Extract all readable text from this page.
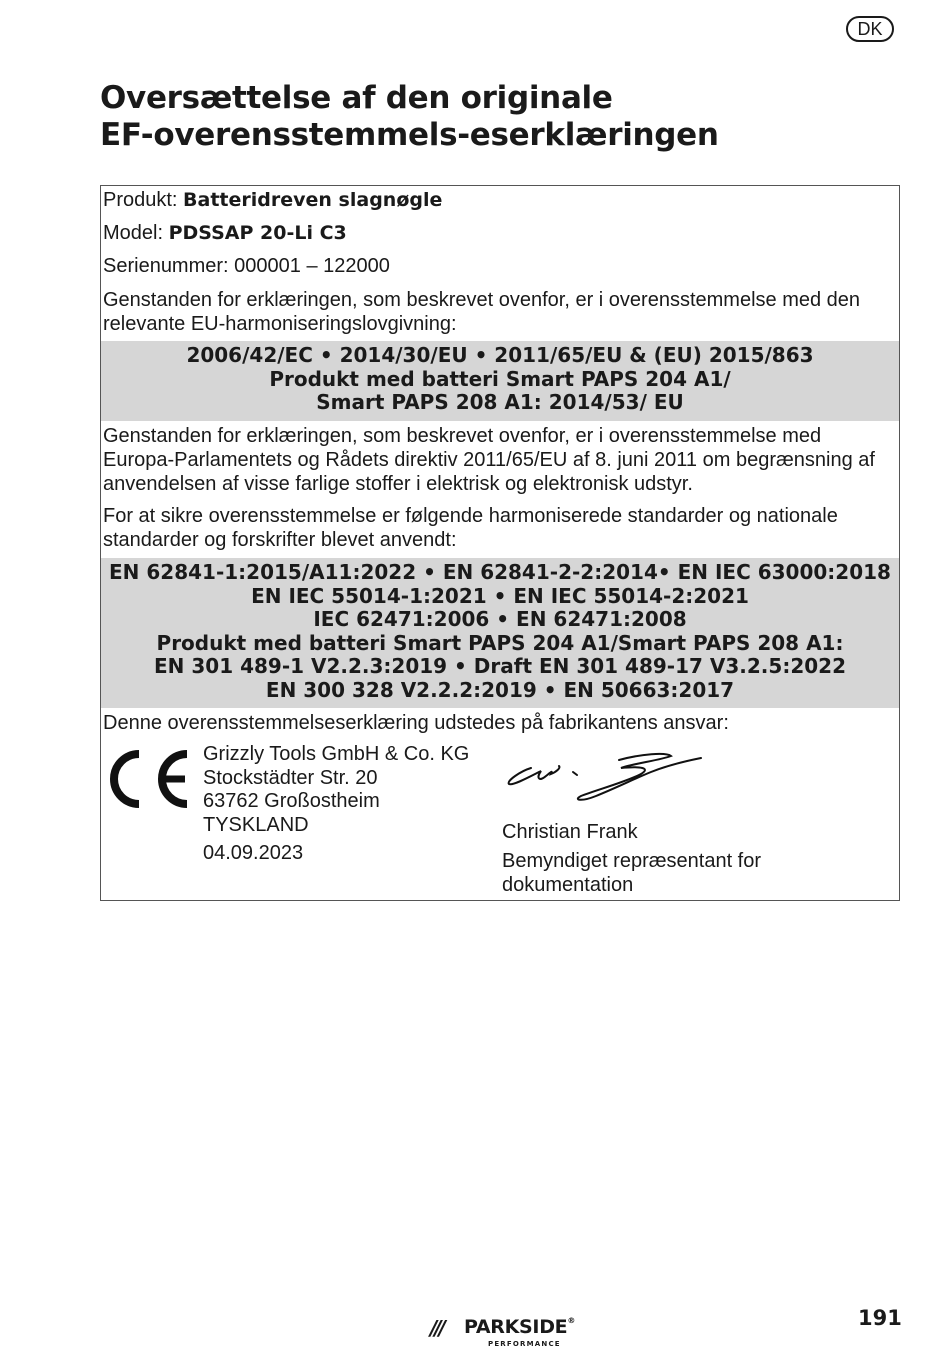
DK
Oversættelse af den originale
EF-overensstemmels-eserklæringen
Produkt: Batteridreven slagnøgle
Model: PDSSAP 20-Li C3
Serienummer: 000001 – 122000
Genstanden for erklæringen, som beskrevet ovenfor, er i overensstemmelse med den relevante EU-harmoniseringslovgivning:
2006/42/EC • 2014/30/EU • 2011/65/EU & (EU) 2015/863
Produkt med batteri Smart PAPS 204 A1/
Smart PAPS 208 A1: 2014/53/ EU
Genstanden for erklæringen, som beskrevet ovenfor, er i overensstemmelse med Europa-Parlamentets og Rådets direktiv 2011/65/EU af 8. juni 2011 om begrænsning af anvendelsen af visse farlige stoffer i elektrisk og elektronisk udstyr.
For at sikre overensstemmelse er følgende harmoniserede standarder og nationale standarder og forskrifter blevet anvendt:
EN 62841-1:2015/A11:2022 • EN 62841-2-2:2014• EN IEC 63000:2018
EN IEC 55014-1:2021 • EN IEC 55014-2:2021
IEC 62471:2006 • EN 62471:2008
Produkt med batteri Smart PAPS 204 A1/Smart PAPS 208 A1:
EN 301 489-1 V2.2.3:2019 • Draft EN 301 489-17 V3.2.5:2022
EN 300 328 V2.2.2:2019 • EN 50663:2017
Denne overensstemmelseserklæring udstedes på fabrikantens ansvar:
Grizzly Tools GmbH & Co. KG
Stockstädter Str. 20
63762 Großostheim
TYSKLAND
04.09.2023
Christian Frank
Bemyndiget repræsentant for dokumentation
/// PARKSIDE®
PERFORMANCE
191
